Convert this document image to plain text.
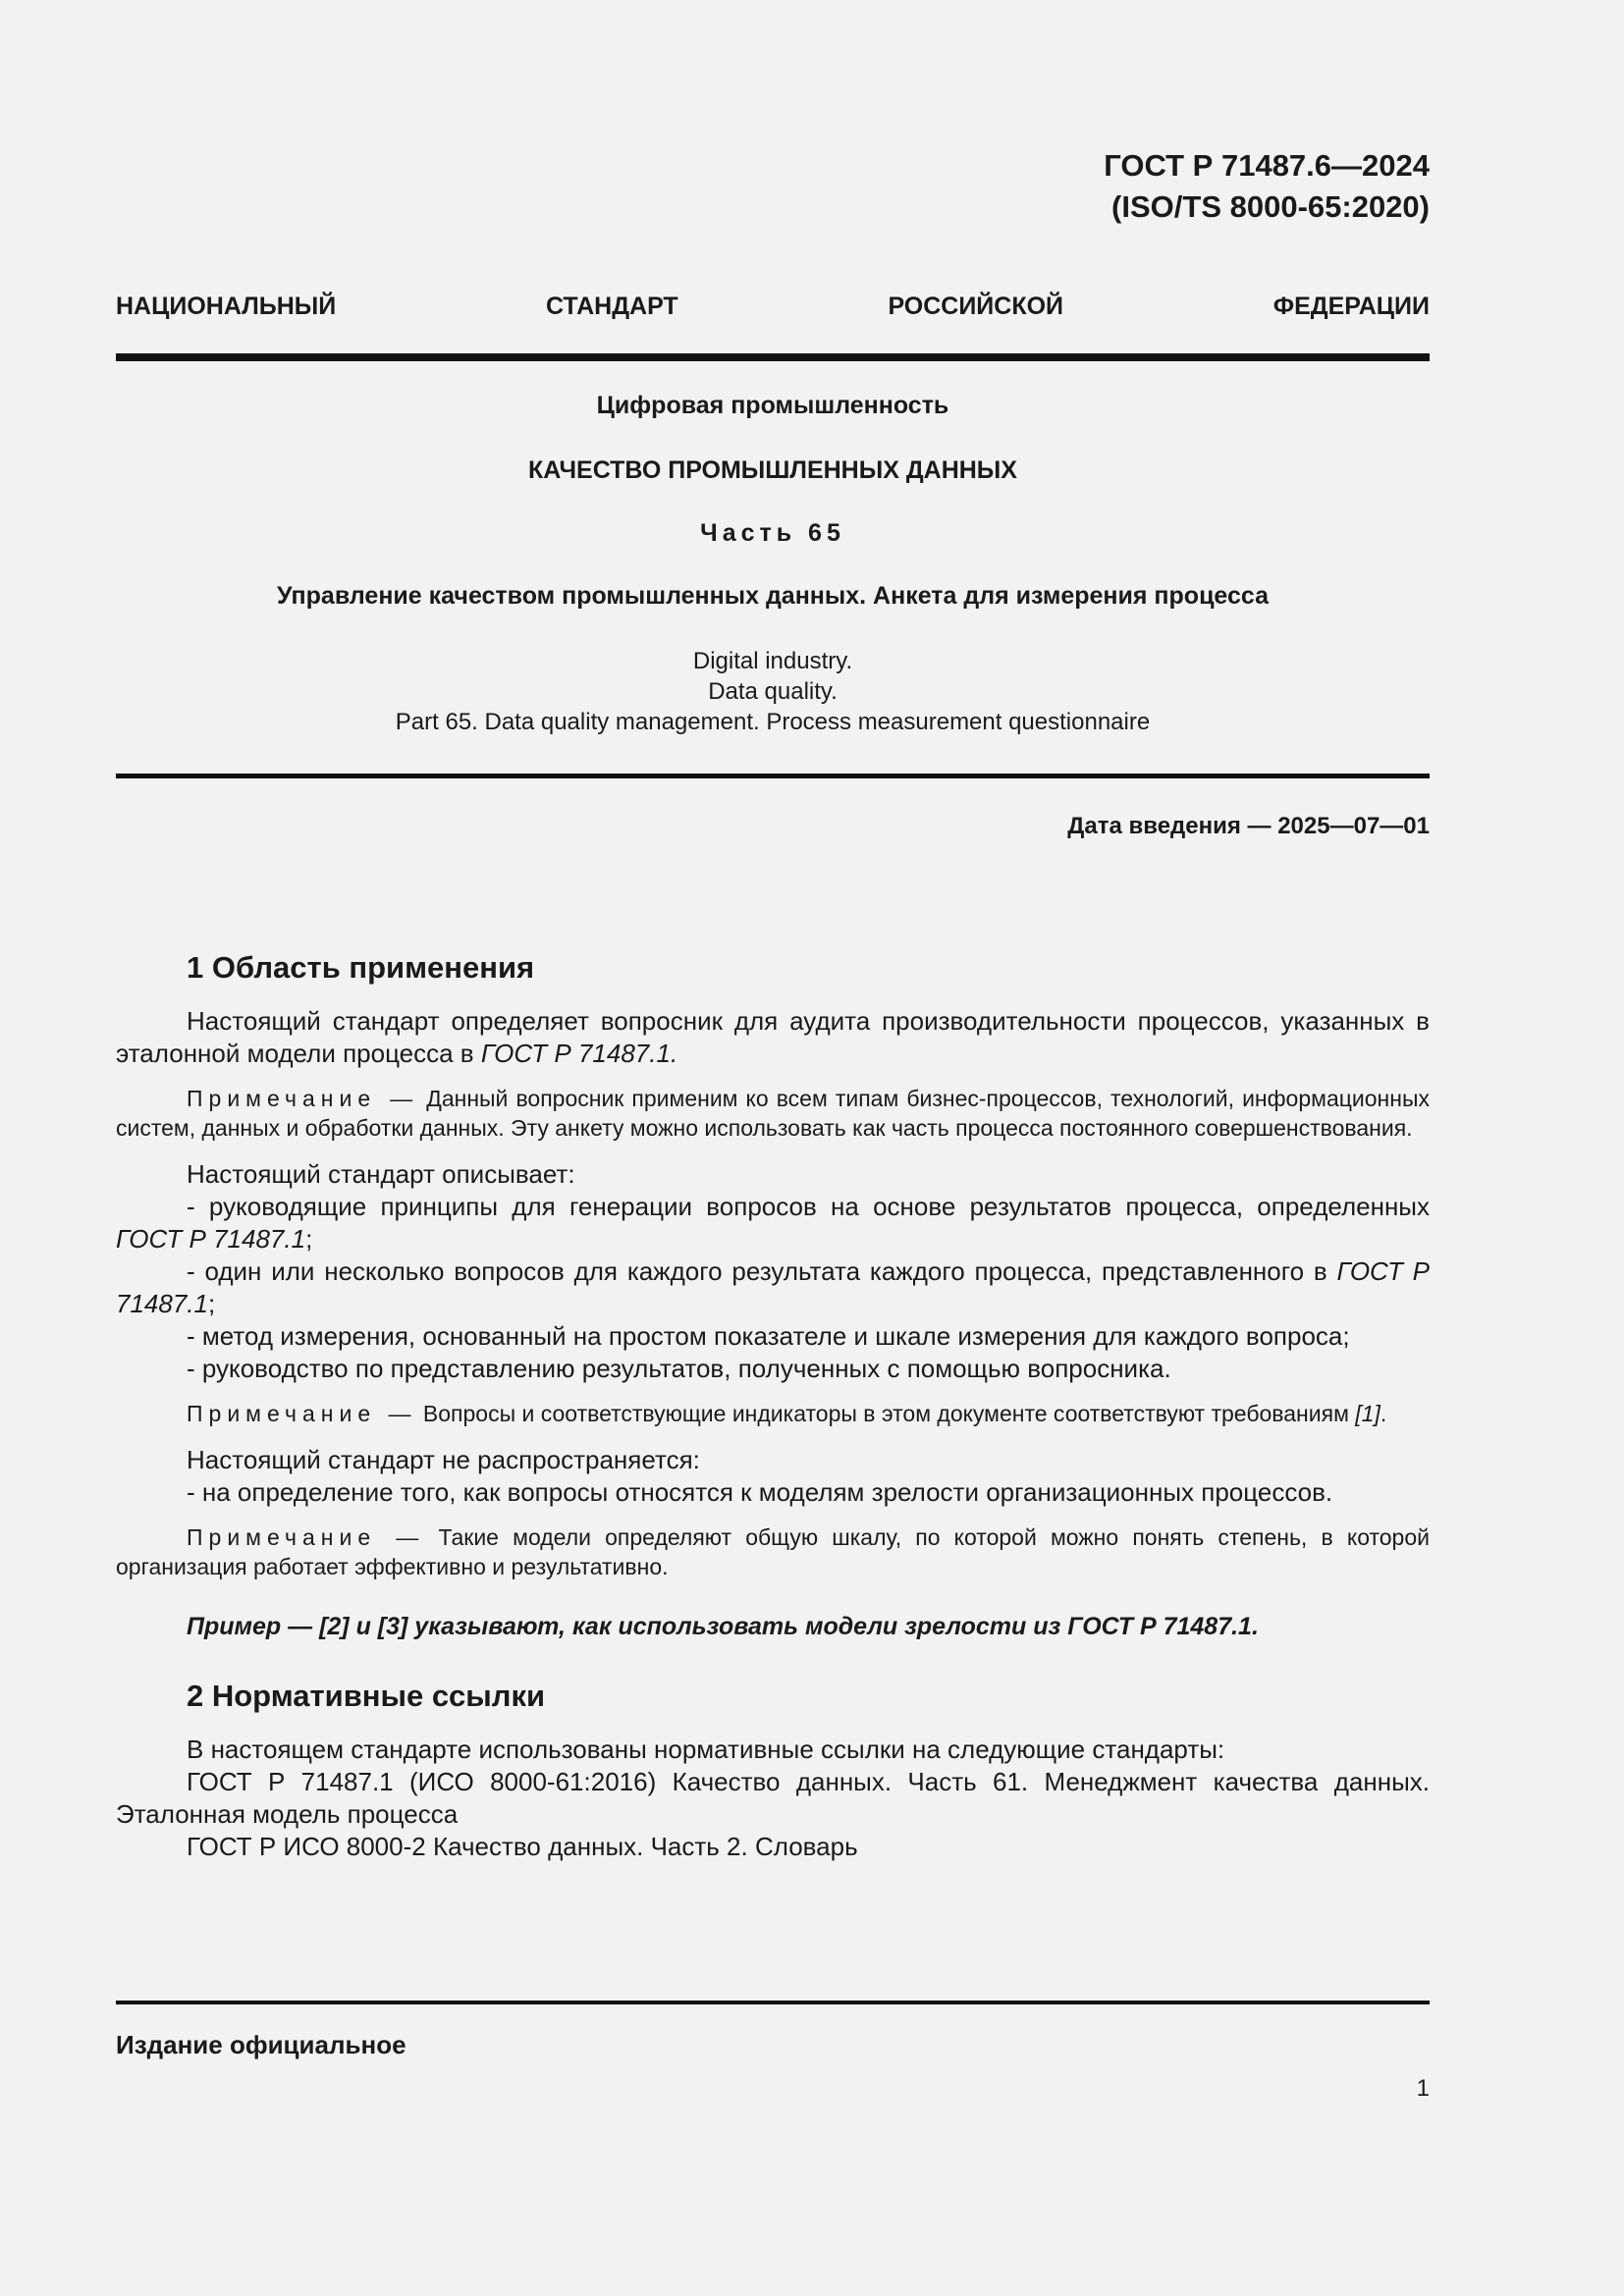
ГОСТ Р 71487.6—2024
(ISO/TS 8000-65:2020)
НАЦИОНАЛЬНЫЙ	СТАНДАРТ	РОССИЙСКОЙ	ФЕДЕРАЦИИ
Цифровая промышленность
КАЧЕСТВО ПРОМЫШЛЕННЫХ ДАННЫХ
Часть 65
Управление качеством промышленных данных. Анкета для измерения процесса
Digital industry.
Data quality.
Part 65. Data quality management. Process measurement questionnaire
Дата введения — 2025—07—01
1 Область применения

Настоящий стандарт определяет вопросник для аудита производительности процессов, указанных в эталонной модели процесса в ГОСТ Р 71487.1.

Примечание — Данный вопросник применим ко всем типам бизнес-процессов, технологий, информационных систем, данных и обработки данных. Эту анкету можно использовать как часть процесса постоянного совершенствования.

Настоящий стандарт описывает:

- руководящие принципы для генерации вопросов на основе результатов процесса, определенных ГОСТ Р 71487.1;

- один или несколько вопросов для каждого результата каждого процесса, представленного в ГОСТ Р 71487.1;

- метод измерения, основанный на простом показателе и шкале измерения для каждого вопроса;

- руководство по представлению результатов, полученных с помощью вопросника.

Примечание — Вопросы и соответствующие индикаторы в этом документе соответствуют требованиям [1].

Настоящий стандарт не распространяется:

- на определение того, как вопросы относятся к моделям зрелости организационных процессов.

Примечание — Такие модели определяют общую шкалу, по которой можно понять степень, в которой организация работает эффективно и результативно.

Пример — [2] и [3] указывают, как использовать модели зрелости из ГОСТ Р 71487.1.

2 Нормативные ссылки

В настоящем стандарте использованы нормативные ссылки на следующие стандарты:

ГОСТ Р 71487.1 (ИСО 8000-61:2016) Качество данных. Часть 61. Менеджмент качества данных. Эталонная модель процесса

ГОСТ Р ИСО 8000-2 Качество данных. Часть 2. Словарь

Издание официальное
1
